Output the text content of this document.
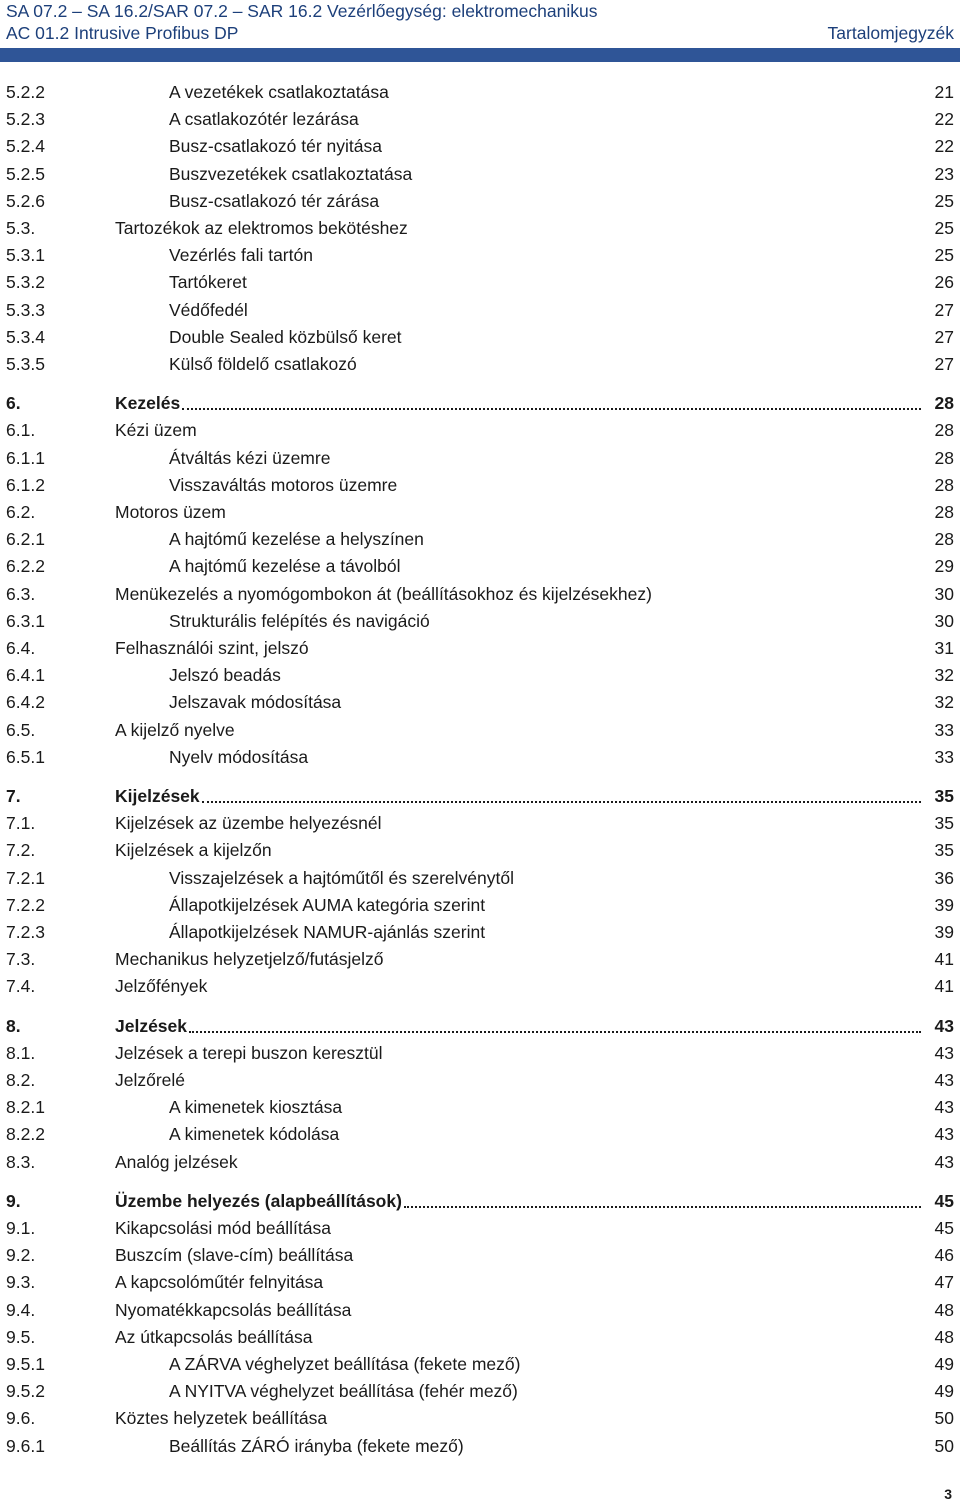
SA 07.2 – SA 16.2/SAR 07.2 – SAR 16.2 Vezérlőegység: elektromechanikus
AC 01.2 Intrusive Profibus DP	Tartalomjegyzék
5.2.2	A vezetékek csatlakoztatása	21
5.2.3	A csatlakozótér lezárása	22
5.2.4	Busz-csatlakozó tér nyitása	22
5.2.5	Buszvezetékek csatlakoztatása	23
5.2.6	Busz-csatlakozó tér zárása	25
5.3.	Tartozékok az elektromos bekötéshez	25
5.3.1	Vezérlés fali tartón	25
5.3.2	Tartókeret	26
5.3.3	Védőfedél	27
5.3.4	Double Sealed közbülső keret	27
5.3.5	Külső földelő csatlakozó	27
6.	Kezelés	28
6.1.	Kézi üzem	28
6.1.1	Átváltás kézi üzemre	28
6.1.2	Visszaváltás motoros üzemre	28
6.2.	Motoros üzem	28
6.2.1	A hajtómű kezelése a helyszínen	28
6.2.2	A hajtómű kezelése a távolból	29
6.3.	Menükezelés a nyomógombokon át (beállításokhoz és kijelzésekhez)	30
6.3.1	Strukturális felépítés és navigáció	30
6.4.	Felhasználói szint, jelszó	31
6.4.1	Jelszó beadás	32
6.4.2	Jelszavak módosítása	32
6.5.	A kijelző nyelve	33
6.5.1	Nyelv módosítása	33
7.	Kijelzések	35
7.1.	Kijelzések az üzembe helyezésnél	35
7.2.	Kijelzések a kijelzőn	35
7.2.1	Visszajelzések a hajtóműtől és szerelvénytől	36
7.2.2	Állapotkijelzések AUMA kategória szerint	39
7.2.3	Állapotkijelzések NAMUR-ajánlás szerint	39
7.3.	Mechanikus helyzetjelző/futásjelző	41
7.4.	Jelzőfények	41
8.	Jelzések	43
8.1.	Jelzések a terepi buszon keresztül	43
8.2.	Jelzőrelé	43
8.2.1	A kimenetek kiosztása	43
8.2.2	A kimenetek kódolása	43
8.3.	Analóg jelzések	43
9.	Üzembe helyezés (alapbeállítások)	45
9.1.	Kikapcsolási mód beállítása	45
9.2.	Buszcím (slave-cím) beállítása	46
9.3.	A kapcsolóműtér felnyitása	47
9.4.	Nyomatékkapcsolás beállítása	48
9.5.	Az útkapcsolás beállítása	48
9.5.1	A ZÁRVA véghelyzet beállítása (fekete mező)	49
9.5.2	A NYITVA véghelyzet beállítása (fehér mező)	49
9.6.	Köztes helyzetek beállítása	50
9.6.1	Beállítás ZÁRÓ irányba (fekete mező)	50
3
